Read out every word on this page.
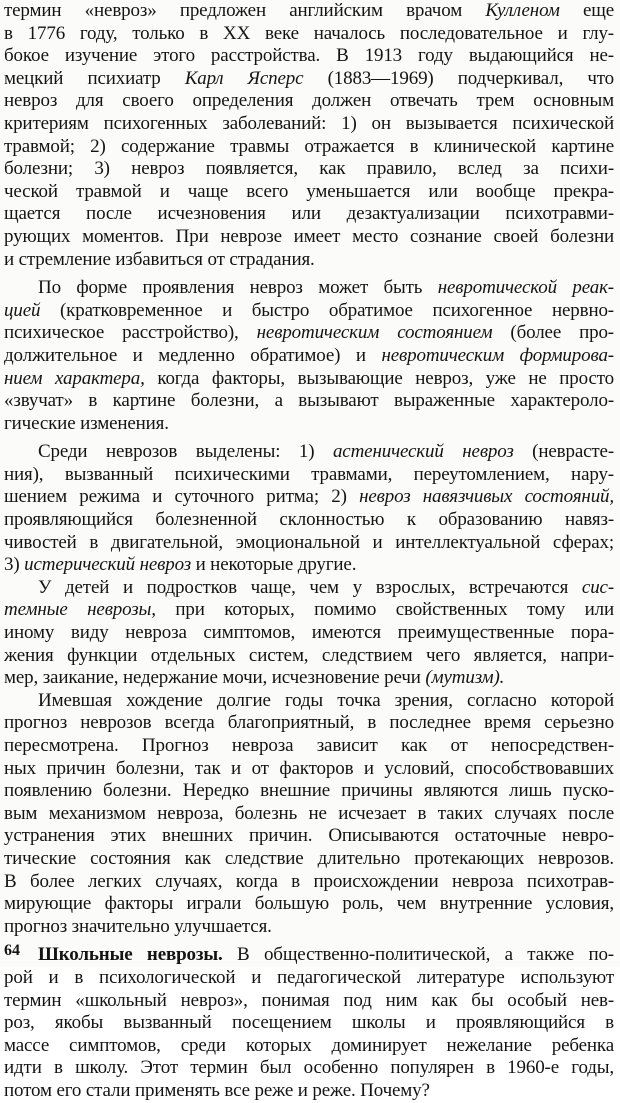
термин «невроз» предложен английским врачом Кулленом еще
в 1776 году, только в XX веке началось последовательное и глу-
бокое изучение этого расстройства. В 1913 году выдающийся не-
мецкий психиатр Карл Ясперс (1883—1969) подчеркивал, что
невроз для своего определения должен отвечать трем основным
критериям психогенных заболеваний: 1) он вызывается психической
травмой; 2) содержание травмы отражается в клинической картине
болезни; 3) невроз появляется, как правило, вслед за психи-
ческой травмой и чаще всего уменьшается или вообще прекра-
щается после исчезновения или дезактуализации психотравми-
рующих моментов. При неврозе имеет место сознание своей болезни
и стремление избавиться от страдания.
По форме проявления невроз может быть невротической реак-
цией (кратковременное и быстро обратимое психогенное нервно-
психическое расстройство), невротическим состоянием (более про-
должительное и медленно обратимое) и невротическим формирова-
нием характера, когда факторы, вызывающие невроз, уже не просто
«звучат» в картине болезни, а вызывают выраженные характероло-
гические изменения.
Среди неврозов выделены: 1) астенический невроз (неврасте-
ния), вызванный психическими травмами, переутомлением, нару-
шением режима и суточного ритма; 2) невроз навязчивых состояний,
проявляющийся болезненной склонностью к образованию навяз-
чивостей в двигательной, эмоциональной и интеллектуальной сферах;
3) истерический невроз и некоторые другие.
У детей и подростков чаще, чем у взрослых, встречаются сис-
темные неврозы, при которых, помимо свойственных тому или
иному виду невроза симптомов, имеются преимущественные пора-
жения функции отдельных систем, следствием чего является, напри-
мер, заикание, недержание мочи, исчезновение речи (мутизм).
Имевшая хождение долгие годы точка зрения, согласно которой
прогноз неврозов всегда благоприятный, в последнее время серьезно
пересмотрена. Прогноз невроза зависит как от непосредствен-
ных причин болезни, так и от факторов и условий, способствовавших
появлению болезни. Нередко внешние причины являются лишь пуско-
вым механизмом невроза, болезнь не исчезает в таких случаях после
устранения этих внешних причин. Описываются остаточные невро-
тические состояния как следствие длительно протекающих неврозов.
В более легких случаях, когда в происхождении невроза психотрав-
мирующие факторы играли большую роль, чем внутренние условия,
прогноз значительно улучшается.
Школьные неврозы. В общественно-политической, а также по-
рой и в психологической и педагогической литературе используют
термин «школьный невроз», понимая под ним как бы особый нев-
роз, якобы вызванный посещением школы и проявляющийся в
массе симптомов, среди которых доминирует нежелание ребенка
идти в школу. Этот термин был особенно популярен в 1960-е годы,
потом его стали применять все реже и реже. Почему?
64
